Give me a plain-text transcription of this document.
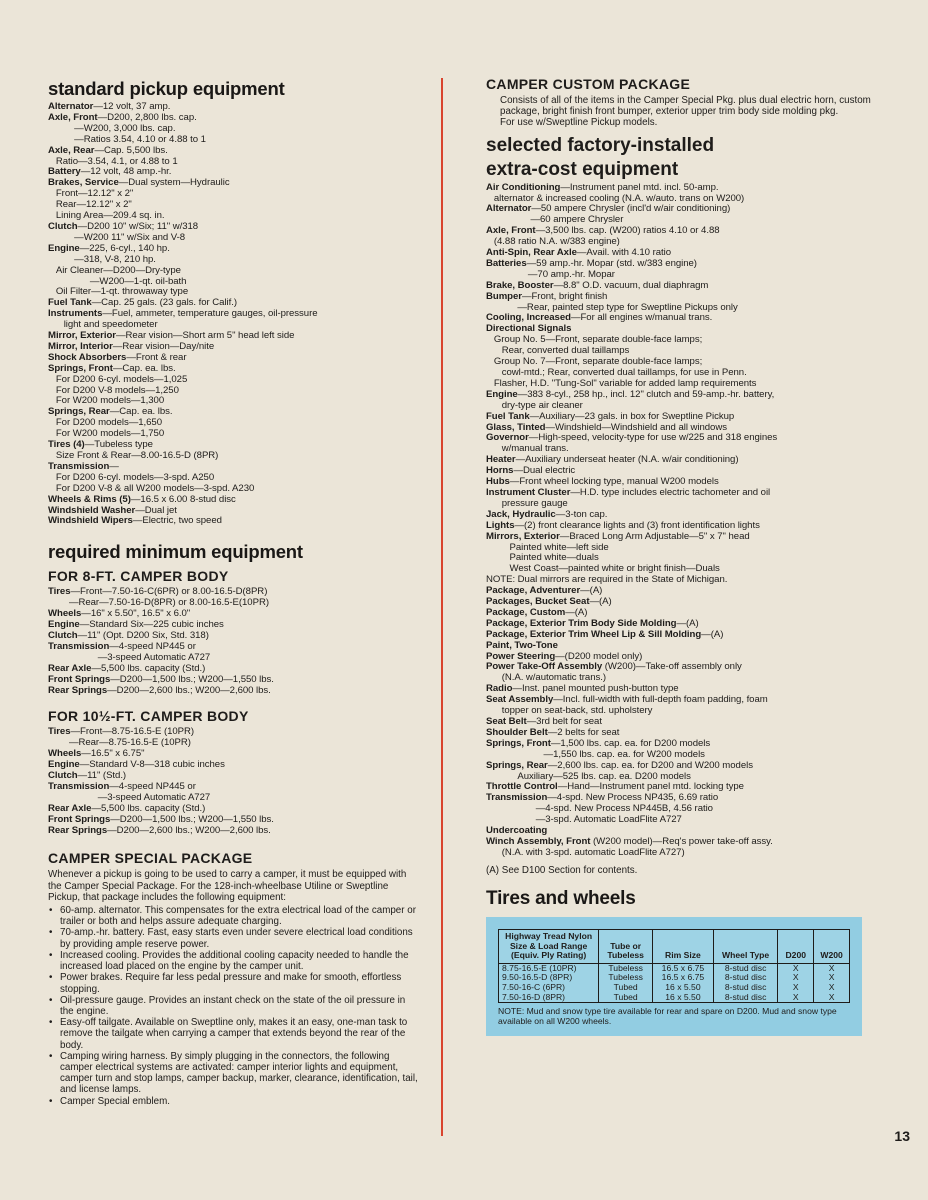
standard pickup equipment

Alternator—12 volt, 37 amp.

Axle, Front—D200, 2,800 lbs. cap.
—W200, 3,000 lbs. cap.
—Ratios 3.54, 4.10 or 4.88 to 1

Axle, Rear—Cap. 5,500 lbs.
Ratio—3.54, 4.1, or 4.88 to 1

Battery—12 volt, 48 amp.-hr.

Brakes, Service—Dual system—Hydraulic
Front—12.12" x 2"
Rear—12.12" x 2"
Lining Area—209.4 sq. in.

Clutch—D200 10" w/Six; 11" w/318
—W200 11" w/Six and V-8

Engine—225, 6-cyl., 140 hp.
—318, V-8, 210 hp.
Air Cleaner—D200—Dry-type
—W200—1-qt. oil-bath
Oil Filter—1-qt. throwaway type

Fuel Tank—Cap. 25 gals. (23 gals. for Calif.)

Instruments—Fuel, ammeter, temperature gauges, oil-pressure
light and speedometer

Mirror, Exterior—Rear vision—Short arm 5" head left side

Mirror, Interior—Rear vision—Day/nite

Shock Absorbers—Front & rear

Springs, Front—Cap. ea. lbs.
For D200 6-cyl. models—1,025
For D200 V-8 models—1,250
For W200 models—1,300

Springs, Rear—Cap. ea. lbs.
For D200 models—1,650
For W200 models—1,750

Tires (4)—Tubeless type
Size Front & Rear—8.00-16.5-D (8PR)

Transmission—
For D200 6-cyl. models—3-spd. A250
For D200 V-8 & all W200 models—3-spd. A230

Wheels & Rims (5)—16.5 x 6.00 8-stud disc

Windshield Washer—Dual jet

Windshield Wipers—Electric, two speed

required minimum equipment
FOR 8-FT. CAMPER BODY

Tires—Front—7.50-16-C(6PR) or 8.00-16.5-D(8PR)
—Rear—7.50-16-D(8PR) or 8.00-16.5-E(10PR)

Wheels—16" x 5.50", 16.5" x 6.0"

Engine—Standard Six—225 cubic inches

Clutch—11" (Opt. D200 Six, Std. 318)

Transmission—4-speed NP445 or
—3-speed Automatic A727

Rear Axle—5,500 lbs. capacity (Std.)

Front Springs—D200—1,500 lbs.; W200—1,550 lbs.

Rear Springs—D200—2,600 lbs.; W200—2,600 lbs.

FOR 10½-FT. CAMPER BODY

Tires—Front—8.75-16.5-E (10PR)
—Rear—8.75-16.5-E (10PR)

Wheels—16.5" x 6.75"

Engine—Standard V-8—318 cubic inches

Clutch—11" (Std.)

Transmission—4-speed NP445 or
—3-speed Automatic A727

Rear Axle—5,500 lbs. capacity (Std.)

Front Springs—D200—1,500 lbs.; W200—1,550 lbs.

Rear Springs—D200—2,600 lbs.; W200—2,600 lbs.

CAMPER SPECIAL PACKAGE

Whenever a pickup is going to be used to carry a camper, it must be equipped with the Camper Special Package. For the 128-inch-wheelbase Utiline or Sweptline Pickup, that package includes the following equipment:

• 60-amp. alternator. This compensates for the extra electrical load of the camper or trailer or both and helps assure adequate charging.
• 70-amp.-hr. battery. Fast, easy starts even under severe electrical load conditions by providing ample reserve power.
• Increased cooling. Provides the additional cooling capacity needed to handle the increased load placed on the engine by the camper unit.
• Power brakes. Require far less pedal pressure and make for smooth, effortless stopping.
• Oil-pressure gauge. Provides an instant check on the state of the oil pressure in the engine.
• Easy-off tailgate. Available on Sweptline only, makes it an easy, one-man task to remove the tailgate when carrying a camper that extends beyond the rear of the body.
• Camping wiring harness. By simply plugging in the connectors, the following camper electrical systems are activated: camper interior lights and equipment, camper turn and stop lamps, camper backup, marker, clearance, identification, tail, and license lamps.
• Camper Special emblem.
CAMPER CUSTOM PACKAGE

Consists of all of the items in the Camper Special Pkg. plus dual electric horn, custom package, bright finish front bumper, exterior upper trim body side molding pkg.
For use w/Sweptline Pickup models.

selected factory-installed
extra-cost equipment

Air Conditioning—Instrument panel mtd. incl. 50-amp.
alternator & increased cooling (N.A. w/auto. trans on W200)

Alternator—50 ampere Chrysler (incl'd w/air conditioning)
—60 ampere Chrysler

Axle, Front—3,500 lbs. cap. (W200) ratios 4.10 or 4.88
(4.88 ratio N.A. w/383 engine)

Anti-Spin, Rear Axle—Avail. with 4.10 ratio

Batteries—59 amp.-hr. Mopar (std. w/383 engine)
—70 amp.-hr. Mopar

Brake, Booster—8.8" O.D. vacuum, dual diaphragm

Bumper—Front, bright finish
—Rear, painted step type for Sweptline Pickups only

Cooling, Increased—For all engines w/manual trans.

Directional Signals
Group No. 5—Front, separate double-face lamps;
Rear, converted dual taillamps
Group No. 7—Front, separate double-face lamps;
cowl-mtd.; Rear, converted dual taillamps, for use in Penn.
Flasher, H.D. "Tung-Sol" variable for added lamp requirements

Engine—383 8-cyl., 258 hp., incl. 12" clutch and 59-amp.-hr. battery,
dry-type air cleaner

Fuel Tank—Auxiliary—23 gals. in box for Sweptline Pickup

Glass, Tinted—Windshield—Windshield and all windows

Governor—High-speed, velocity-type for use w/225 and 318 engines
w/manual trans.

Heater—Auxiliary underseat heater (N.A. w/air conditioning)

Horns—Dual electric

Hubs—Front wheel locking type, manual W200 models

Instrument Cluster—H.D. type includes electric tachometer and oil
pressure gauge

Jack, Hydraulic—3-ton cap.

Lights—(2) front clearance lights and (3) front identification lights

Mirrors, Exterior—Braced Long Arm Adjustable—5" x 7" head
Painted white—left side
Painted white—duals
West Coast—painted white or bright finish—Duals

NOTE: Dual mirrors are required in the State of Michigan.

Package, Adventurer—(A)

Packages, Bucket Seat—(A)

Package, Custom—(A)

Package, Exterior Trim Body Side Molding—(A)

Package, Exterior Trim Wheel Lip & Sill Molding—(A)

Paint, Two-Tone

Power Steering—(D200 model only)

Power Take-Off Assembly (W200)—Take-off assembly only
(N.A. w/automatic trans.)

Radio—Inst. panel mounted push-button type

Seat Assembly—Incl. full-width with full-depth foam padding, foam
topper on seat-back, std. upholstery

Seat Belt—3rd belt for seat

Shoulder Belt—2 belts for seat

Springs, Front—1,500 lbs. cap. ea. for D200 models
—1,550 lbs. cap. ea. for W200 models

Springs, Rear—2,600 lbs. cap. ea. for D200 and W200 models
Auxiliary—525 lbs. cap. ea. D200 models

Throttle Control—Hand—Instrument panel mtd. locking type

Transmission—4-spd. New Process NP435, 6.69 ratio
—4-spd. New Process NP445B, 4.56 ratio
—3-spd. Automatic LoadFlite A727

Undercoating

Winch Assembly, Front (W200 model)—Req's power take-off assy.
(N.A. with 3-spd. automatic LoadFlite A727)

(A) See D100 Section for contents.

Tires and wheels
Highway Tread Nylon Size & Load Range (Equiv. Ply Rating)	Tube or Tubeless	Rim Size	Wheel Type	D200	W200
8.75-16.5-E (10PR)	Tubeless	16.5 x 6.75	8-stud disc	X	X
9.50-16.5-D (8PR)	Tubeless	16.5 x 6.75	8-stud disc	X	X
7.50-16-C (6PR)	Tubed	16 x 5.50	8-stud disc	X	X
7.50-16-D (8PR)	Tubed	16 x 5.50	8-stud disc	X	X
NOTE: Mud and snow type tire available for rear and spare on D200. Mud and snow type available on all W200 wheels.
13
